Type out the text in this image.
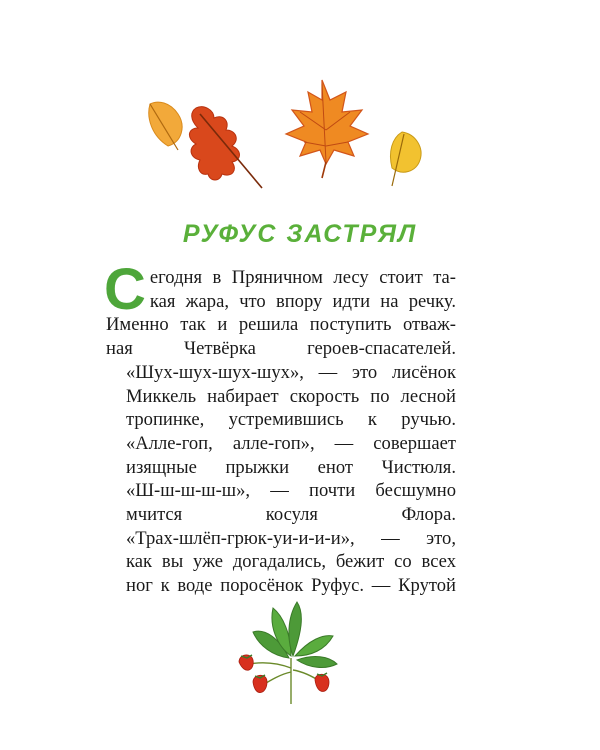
РУФУС ЗАСТРЯЛ

С егодня в Пряничном лесу стоит та-
кая жара, что впору идти на речку.
Именно так и решила поступить отваж-
ная Четвёрка героев-спасателей.

«Шух-шух-шух-шух», — это лисёнок
Миккель набирает скорость по лесной
тропинке, устремившись к ручью.

«Алле-гоп, алле-гоп», — совершает
изящные прыжки енот Чистюля.

«Ш-ш-ш-ш-ш», — почти бесшумно
мчится косуля Флора.

«Трах-шлёп-грюк-уи-и-и-и», — это,
как вы уже догадались, бежит со всех
ног к воде поросёнок Руфус. — Крутой
